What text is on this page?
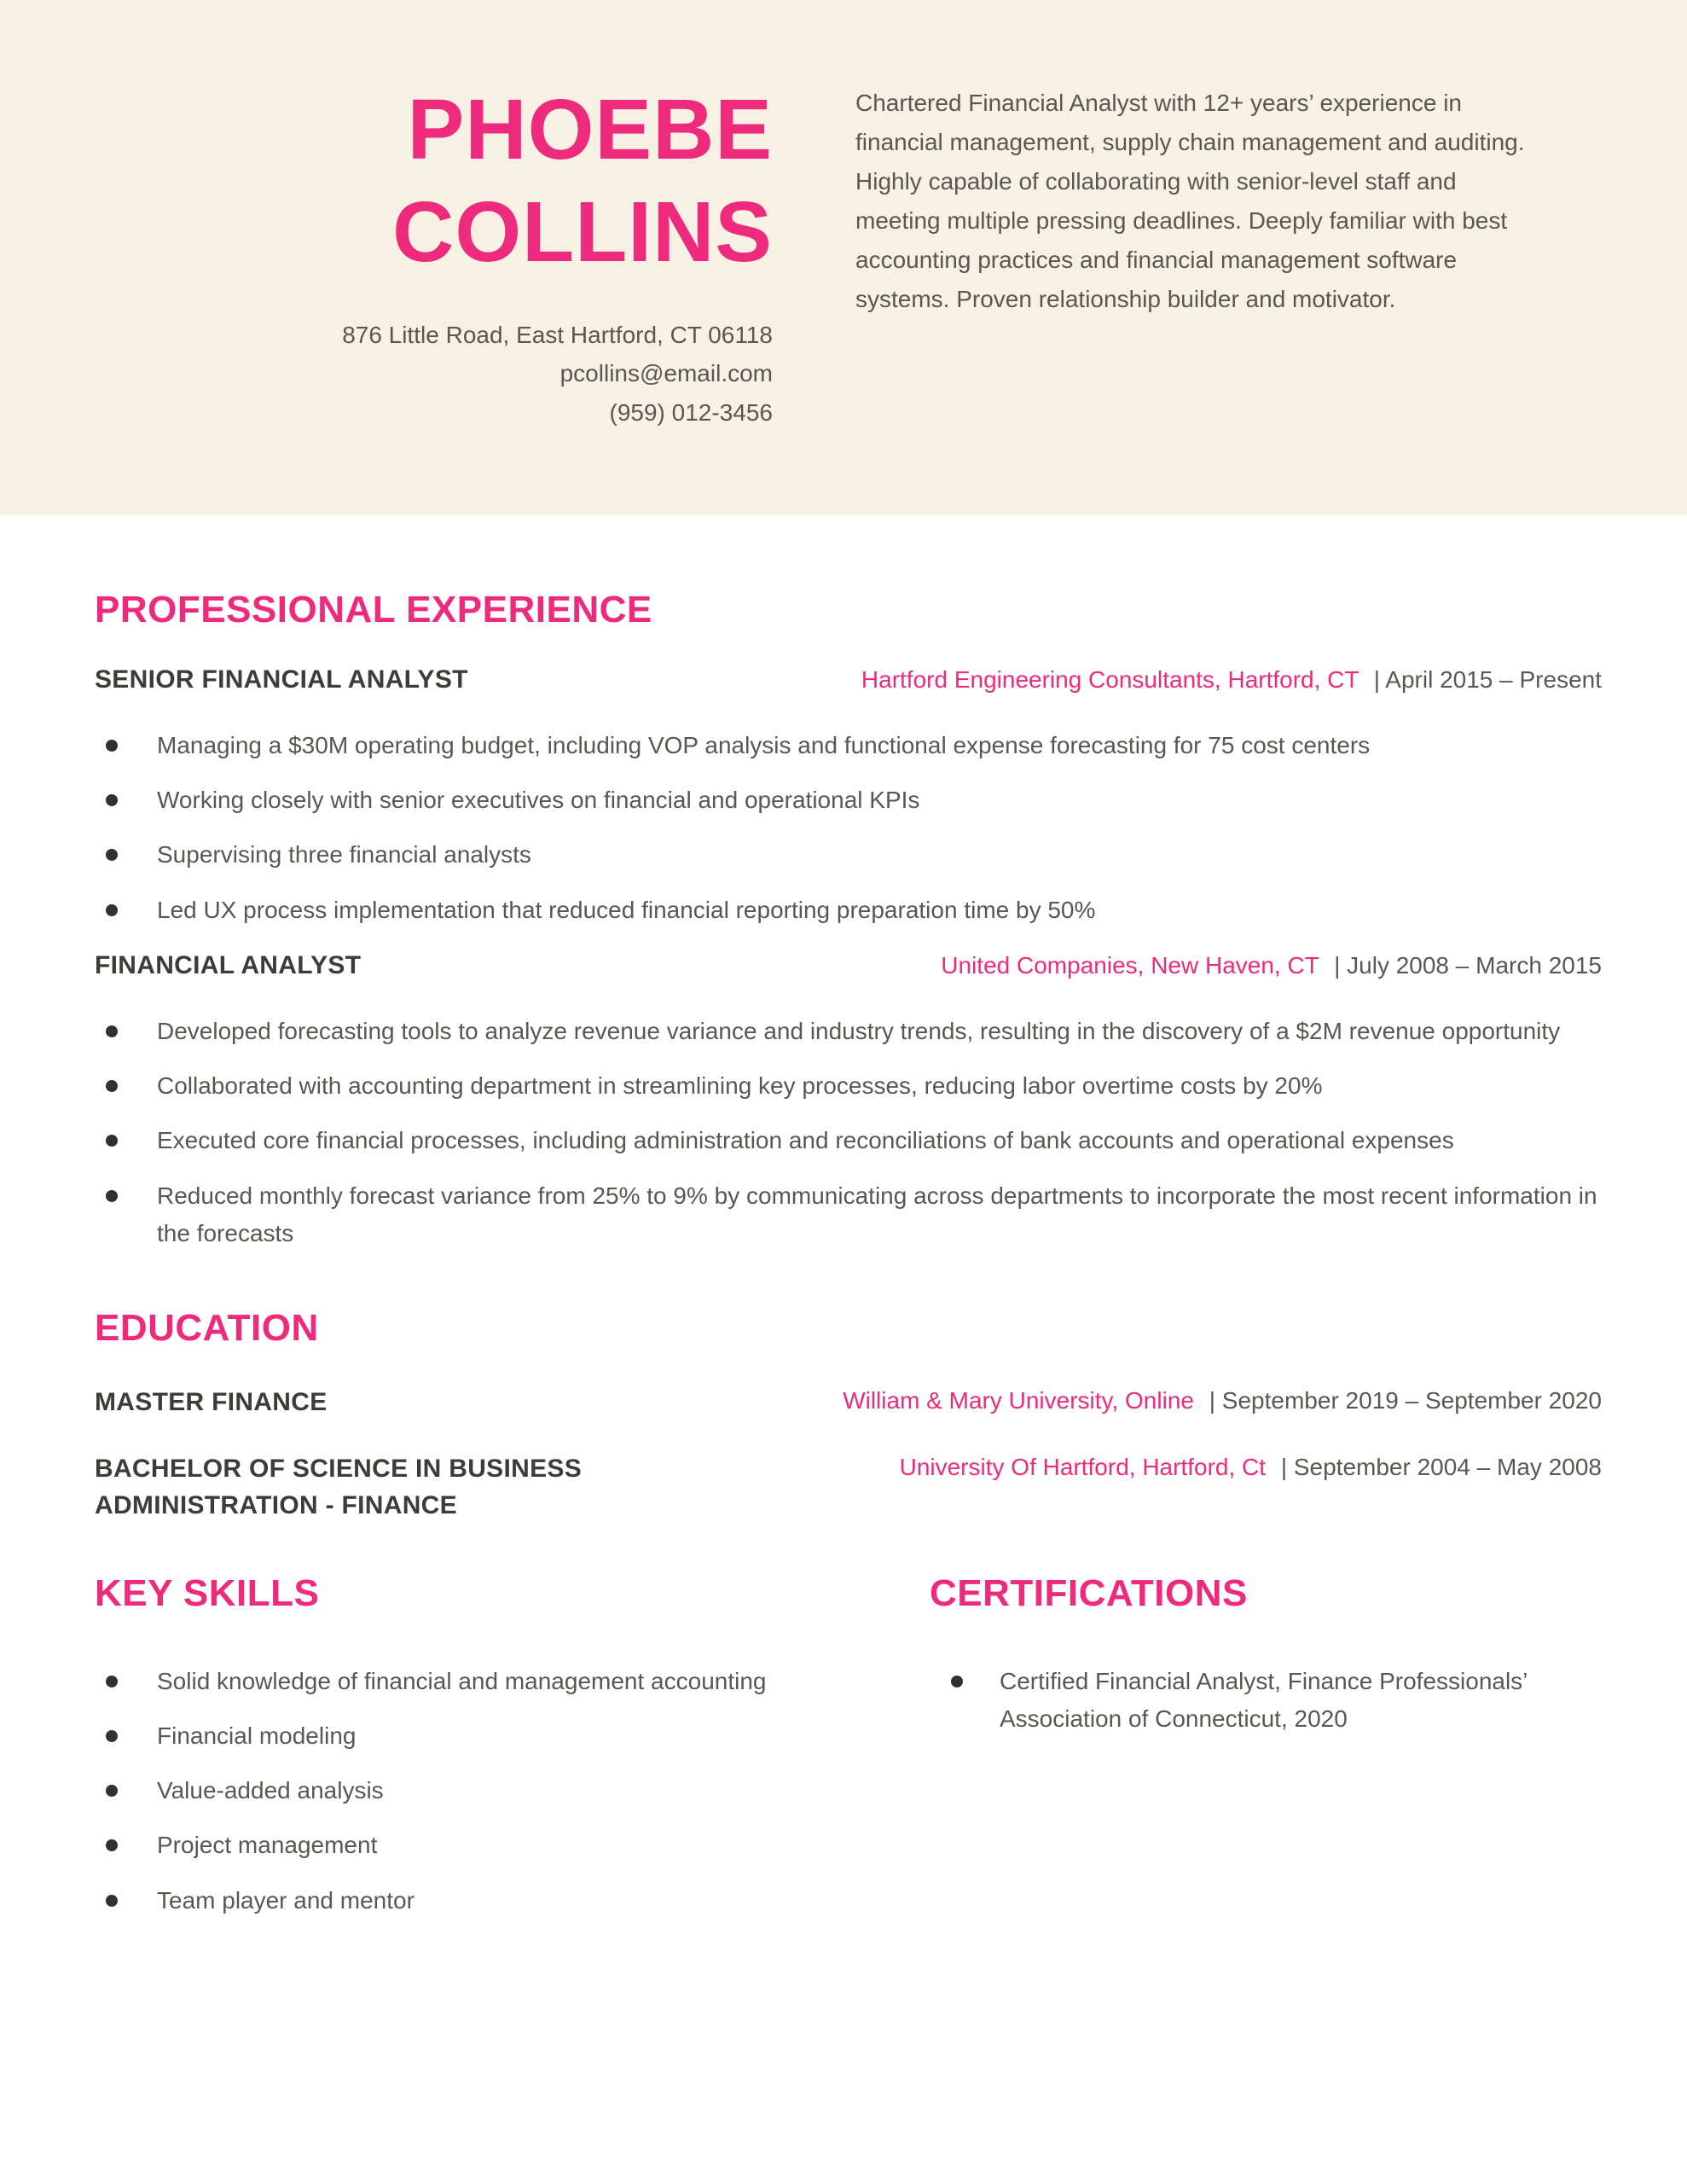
PHOEBE
COLLINS
876 Little Road, East Hartford, CT 06118
pcollins@email.com
(959) 012-3456

Chartered Financial Analyst with 12+ years’ experience in financial management, supply chain management and auditing. Highly capable of collaborating with senior-level staff and meeting multiple pressing deadlines. Deeply familiar with best accounting practices and financial management software systems. Proven relationship builder and motivator.

PROFESSIONAL EXPERIENCE
SENIOR FINANCIAL ANALYST	Hartford Engineering Consultants, Hartford, CT | April 2015 – Present
Managing a $30M operating budget, including VOP analysis and functional expense forecasting for 75 cost centers
Working closely with senior executives on financial and operational KPIs
Supervising three financial analysts
Led UX process implementation that reduced financial reporting preparation time by 50%
FINANCIAL ANALYST	United Companies, New Haven, CT | July 2008 – March 2015
Developed forecasting tools to analyze revenue variance and industry trends, resulting in the discovery of a $2M revenue opportunity
Collaborated with accounting department in streamlining key processes, reducing labor overtime costs by 20%
Executed core financial processes, including administration and reconciliations of bank accounts and operational expenses
Reduced monthly forecast variance from 25% to 9% by communicating across departments to incorporate the most recent information in the forecasts
EDUCATION
MASTER FINANCE	William & Mary University, Online | September 2019 – September 2020
BACHELOR OF SCIENCE IN BUSINESS ADMINISTRATION - FINANCE
University Of Hartford, Hartford, Ct | September 2004 – May 2008
KEY SKILLS
Solid knowledge of financial and management accounting
Financial modeling
Value-added analysis
Project management
Team player and mentor
CERTIFICATIONS
Certified Financial Analyst, Finance Professionals’ Association of Connecticut, 2020
